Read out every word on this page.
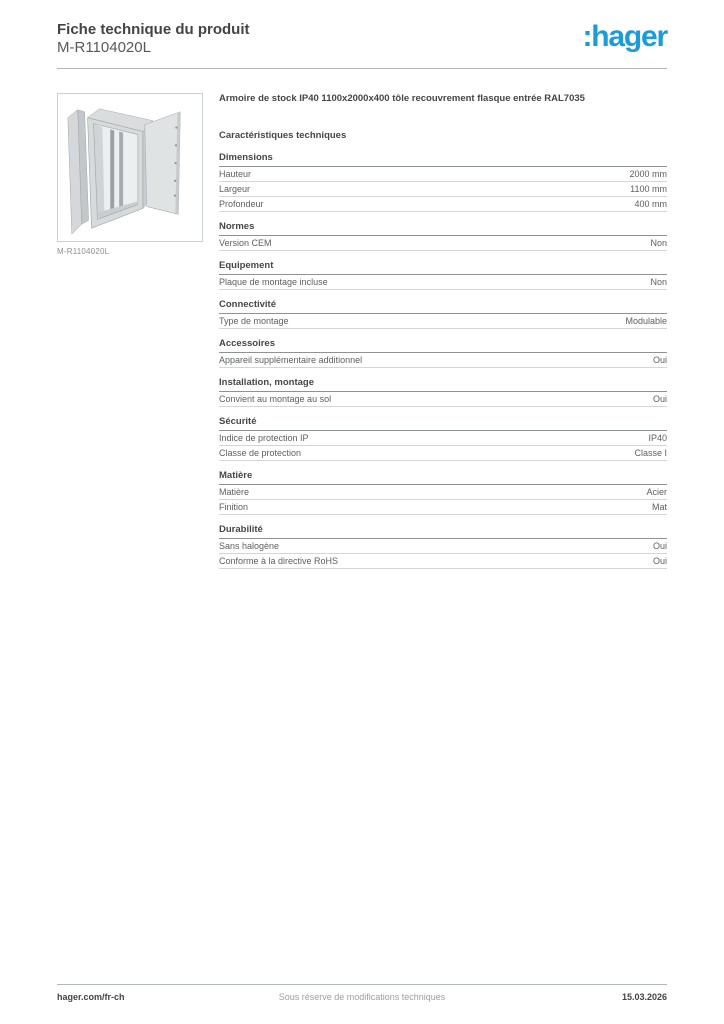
Fiche technique du produit
M-R1104020L	:hager
M-R1104020L
Armoire de stock IP40 1100x2000x400 tôle recouvrement flasque entrée RAL7035
Caractéristiques techniques
Dimensions
Hauteur	2000 mm
Largeur	1100 mm
Profondeur	400 mm
Normes
Version CEM	Non
Equipement
Plaque de montage incluse	Non
Connectivité
Type de montage	Modulable
Accessoires
Appareil supplémentaire additionnel	Oui
Installation, montage
Convient au montage au sol	Oui
Sécurité
Indice de protection IP	IP40
Classe de protection	Classe I
Matière
Matière	Acier
Finition	Mat
Durabilité
Sans halogène	Oui
Conforme à la directive RoHS	Oui
hager.com/fr-ch	Sous réserve de modifications techniques	15.03.2026
